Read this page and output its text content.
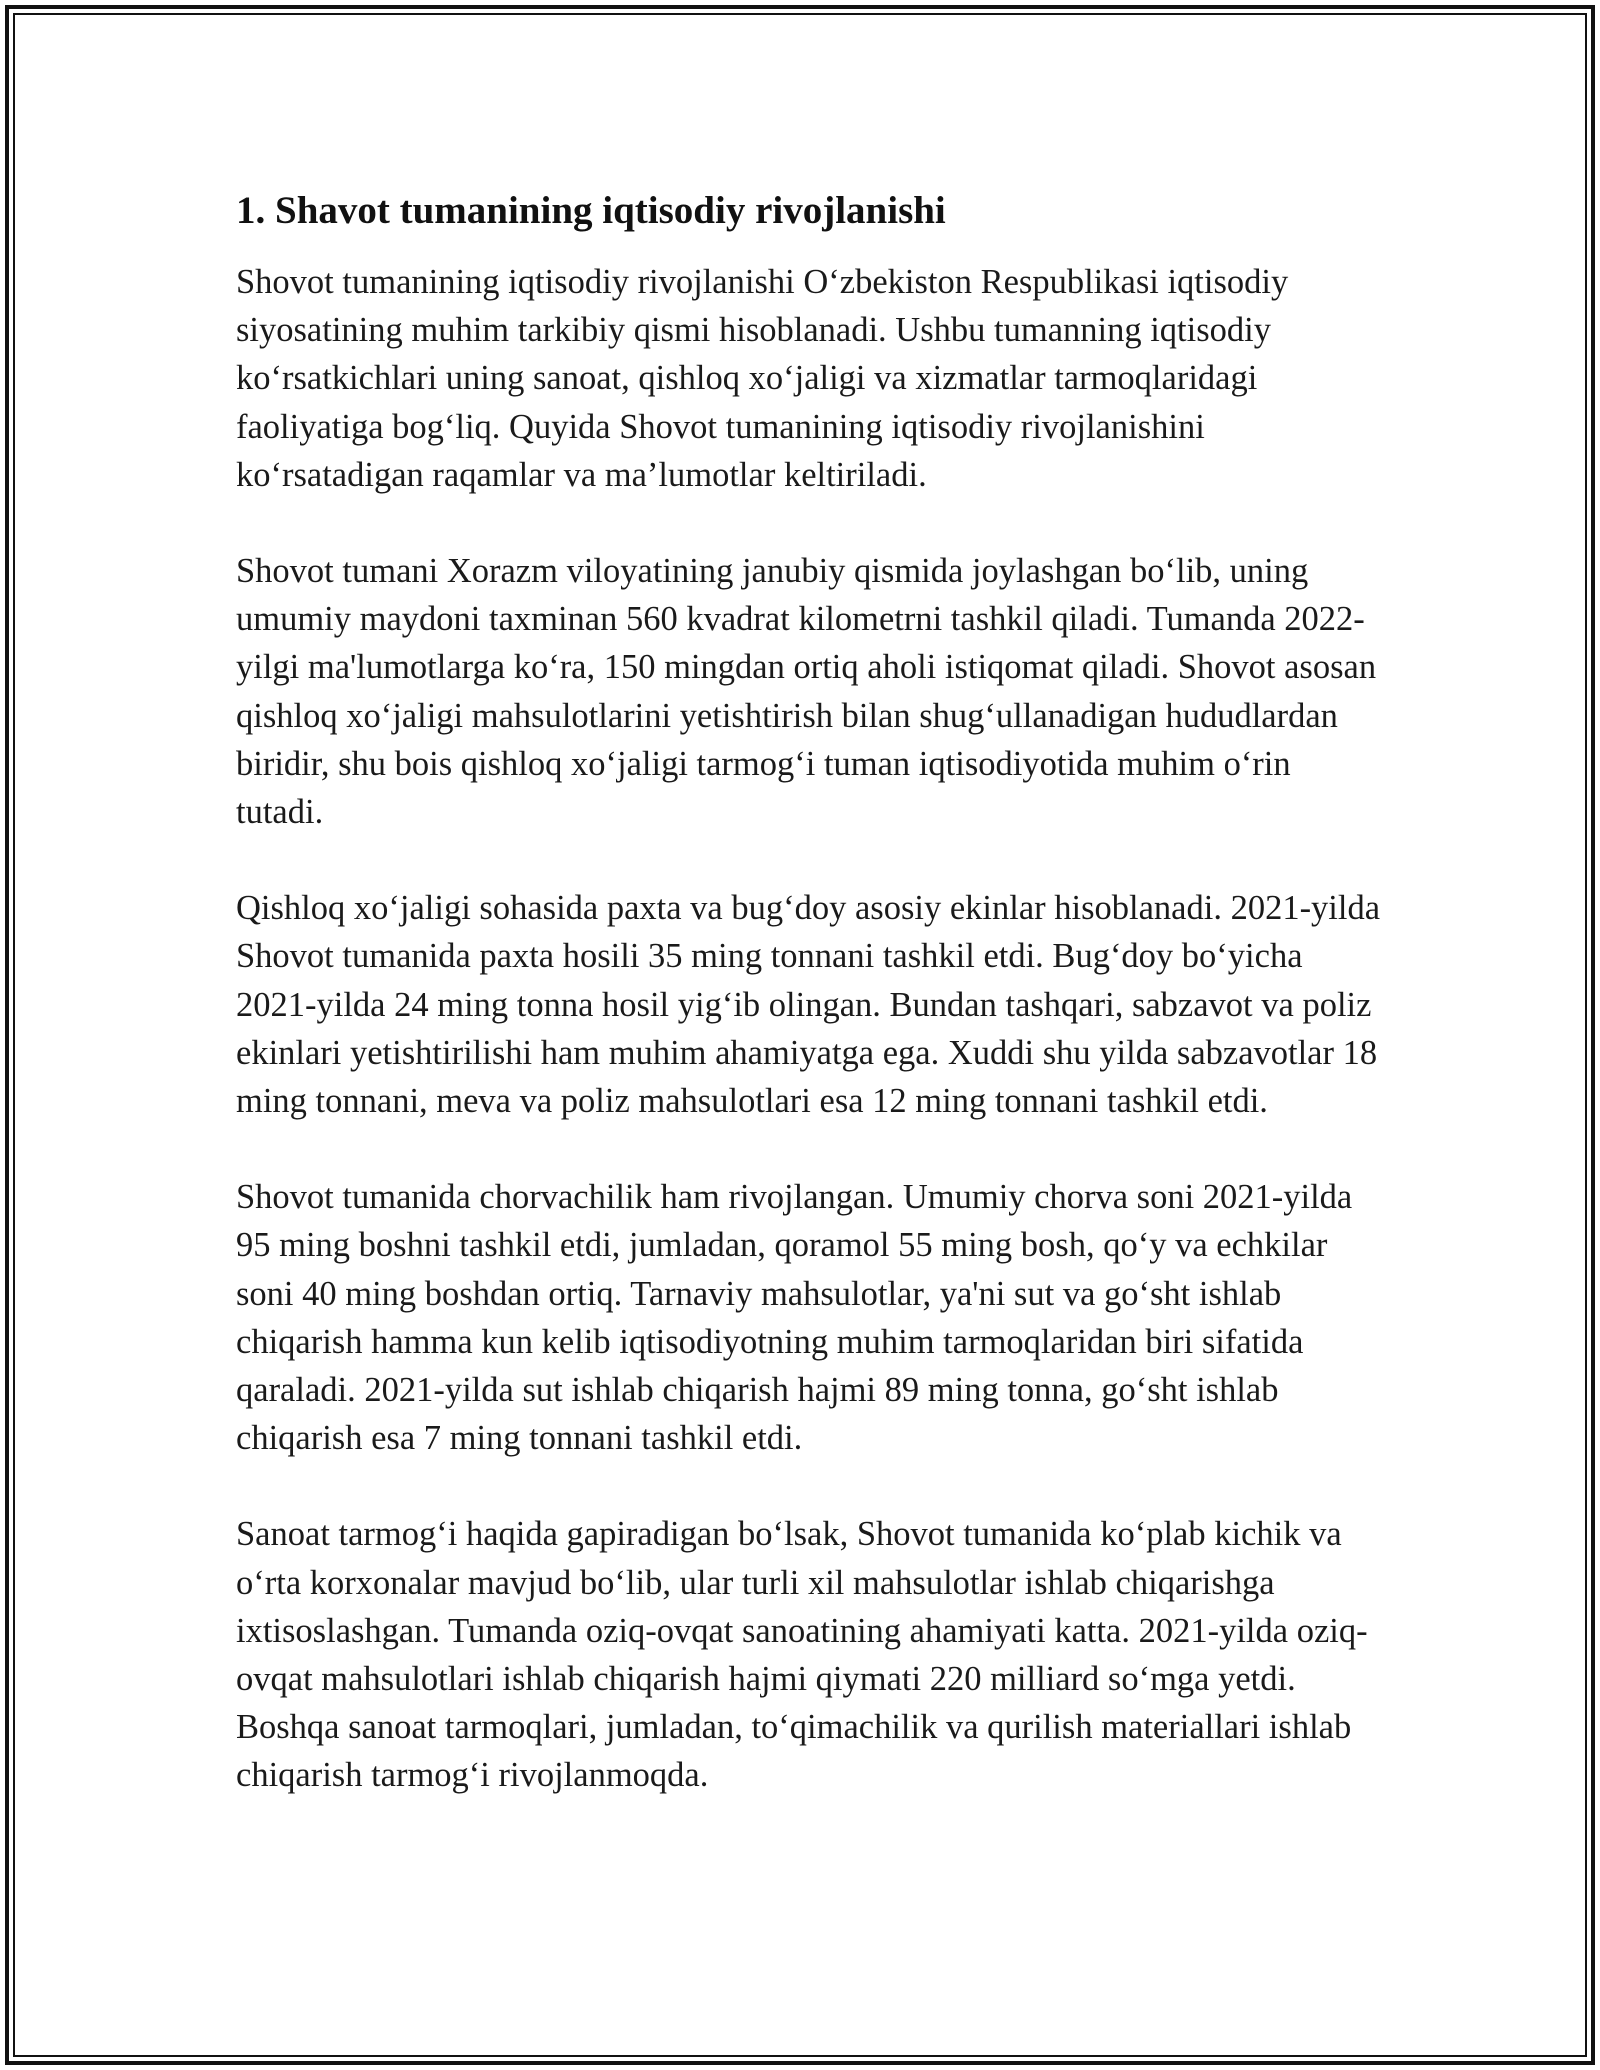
1. Shavot tumanining iqtisodiy rivojlanishi

Shovot tumanining iqtisodiy rivojlanishi O‘zbekiston Respublikasi iqtisodiy siyosatining muhim tarkibiy qismi hisoblanadi. Ushbu tumanning iqtisodiy ko‘rsatkichlari uning sanoat, qishloq xo‘jaligi va xizmatlar tarmoqlaridagi faoliyatiga bog‘liq. Quyida Shovot tumanining iqtisodiy rivojlanishini ko‘rsatadigan raqamlar va ma’lumotlar keltiriladi.

Shovot tumani Xorazm viloyatining janubiy qismida joylashgan bo‘lib, uning umumiy maydoni taxminan 560 kvadrat kilometrni tashkil qiladi. Tumanda 2022-yilgi ma'lumotlarga ko‘ra, 150 mingdan ortiq aholi istiqomat qiladi. Shovot asosan qishloq xo‘jaligi mahsulotlarini yetishtirish bilan shug‘ullanadigan hududlardan biridir, shu bois qishloq xo‘jaligi tarmog‘i tuman iqtisodiyotida muhim o‘rin tutadi.

Qishloq xo‘jaligi sohasida paxta va bug‘doy asosiy ekinlar hisoblanadi. 2021-yilda Shovot tumanida paxta hosili 35 ming tonnani tashkil etdi. Bug‘doy bo‘yicha 2021-yilda 24 ming tonna hosil yig‘ib olingan. Bundan tashqari, sabzavot va poliz ekinlari yetishtirilishi ham muhim ahamiyatga ega. Xuddi shu yilda sabzavotlar 18 ming tonnani, meva va poliz mahsulotlari esa 12 ming tonnani tashkil etdi.

Shovot tumanida chorvachilik ham rivojlangan. Umumiy chorva soni 2021-yilda 95 ming boshni tashkil etdi, jumladan, qoramol 55 ming bosh, qo‘y va echkilar soni 40 ming boshdan ortiq. Tarnaviy mahsulotlar, ya'ni sut va go‘sht ishlab chiqarish hamma kun kelib iqtisodiyotning muhim tarmoqlaridan biri sifatida qaraladi. 2021-yilda sut ishlab chiqarish hajmi 89 ming tonna, go‘sht ishlab chiqarish esa 7 ming tonnani tashkil etdi.

Sanoat tarmog‘i haqida gapiradigan bo‘lsak, Shovot tumanida ko‘plab kichik va o‘rta korxonalar mavjud bo‘lib, ular turli xil mahsulotlar ishlab chiqarishga ixtisoslashgan. Tumanda oziq-ovqat sanoatining ahamiyati katta. 2021-yilda oziq-ovqat mahsulotlari ishlab chiqarish hajmi qiymati 220 milliard so‘mga yetdi. Boshqa sanoat tarmoqlari, jumladan, to‘qimachilik va qurilish materiallari ishlab chiqarish tarmog‘i rivojlanmoqda.
